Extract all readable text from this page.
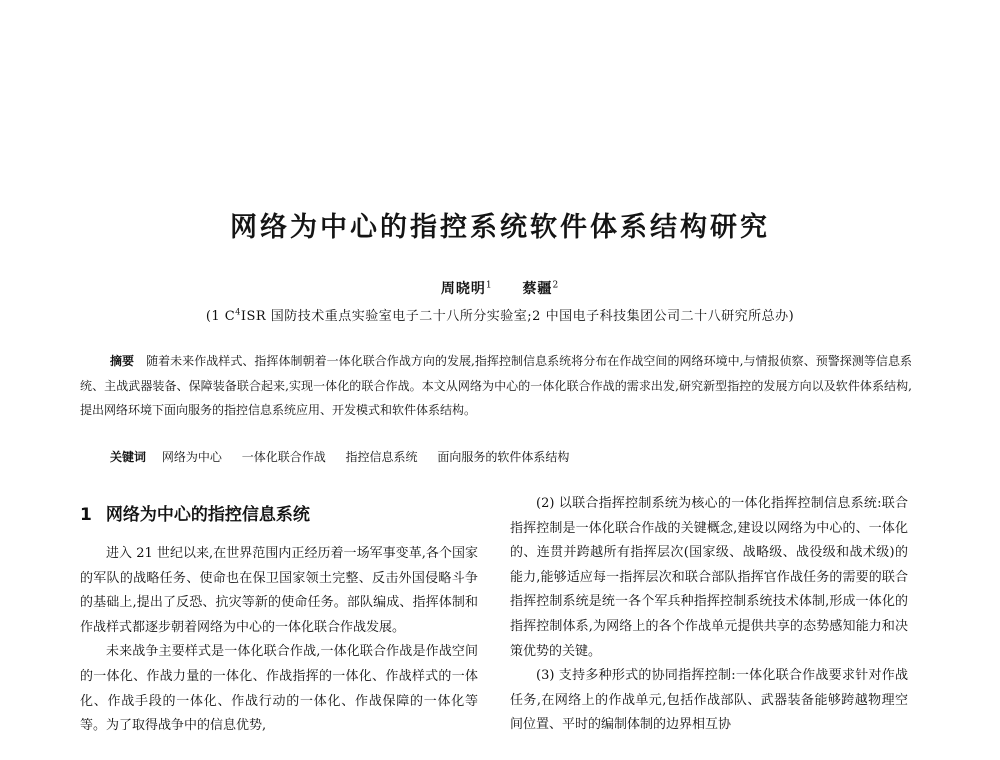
网络为中心的指控系统软件体系结构研究
周晓明$^1$ 蔡疆$^2$
(1 $C^4ISR$ 国防技术重点实验室电子二十八所分实验室;2 中国电子科技集团公司二十八研究所总办)

摘要 随着未来作战样式、指挥体制朝着一体化联合作战方向的发展,指挥控制信息系统将分布在作战空间的网络环境中,与情报侦察、预警探测等信息系统、主战武器装备、保障装备联合起来,实现一体化的联合作战。本文从网络为中心的一体化联合作战的需求出发,研究新型指控的发展方向以及软件体系结构,提出网络环境下面向服务的指控信息系统应用、开发模式和软件体系结构。

关键词 网络为中心 一体化联合作战 指控信息系统 面向服务的软件体系结构

1 网络为中心的指控信息系统

进入 21 世纪以来,在世界范围内正经历着一场军事变革,各个国家的军队的战略任务、使命也在保卫国家领土完整、反击外国侵略斗争的基础上,提出了反恐、抗灾等新的使命任务。部队编成、指挥体制和作战样式都逐步朝着网络为中心的一体化联合作战发展。

未来战争主要样式是一体化联合作战,一体化联合作战是作战空间的一体化、作战力量的一体化、作战指挥的一体化、作战样式的一体化、作战手段的一体化、作战行动的一体化、作战保障的一体化等等。为了取得战争中的信息优势,

(2) 以联合指挥控制系统为核心的一体化指挥控制信息系统:联合指挥控制是一体化联合作战的关键概念,建设以网络为中心的、一体化的、连贯并跨越所有指挥层次(国家级、战略级、战役级和战术级)的能力,能够适应每一指挥层次和联合部队指挥官作战任务的需要的联合指挥控制系统是统一各个军兵种指挥控制系统技术体制,形成一体化的指挥控制体系,为网络上的各个作战单元提供共享的态势感知能力和决策优势的关键。

(3) 支持多种形式的协同指挥控制:一体化联合作战要求针对作战任务,在网络上的作战单元,包括作战部队、武器装备能够跨越物理空间位置、平时的编制体制的边界相互协
